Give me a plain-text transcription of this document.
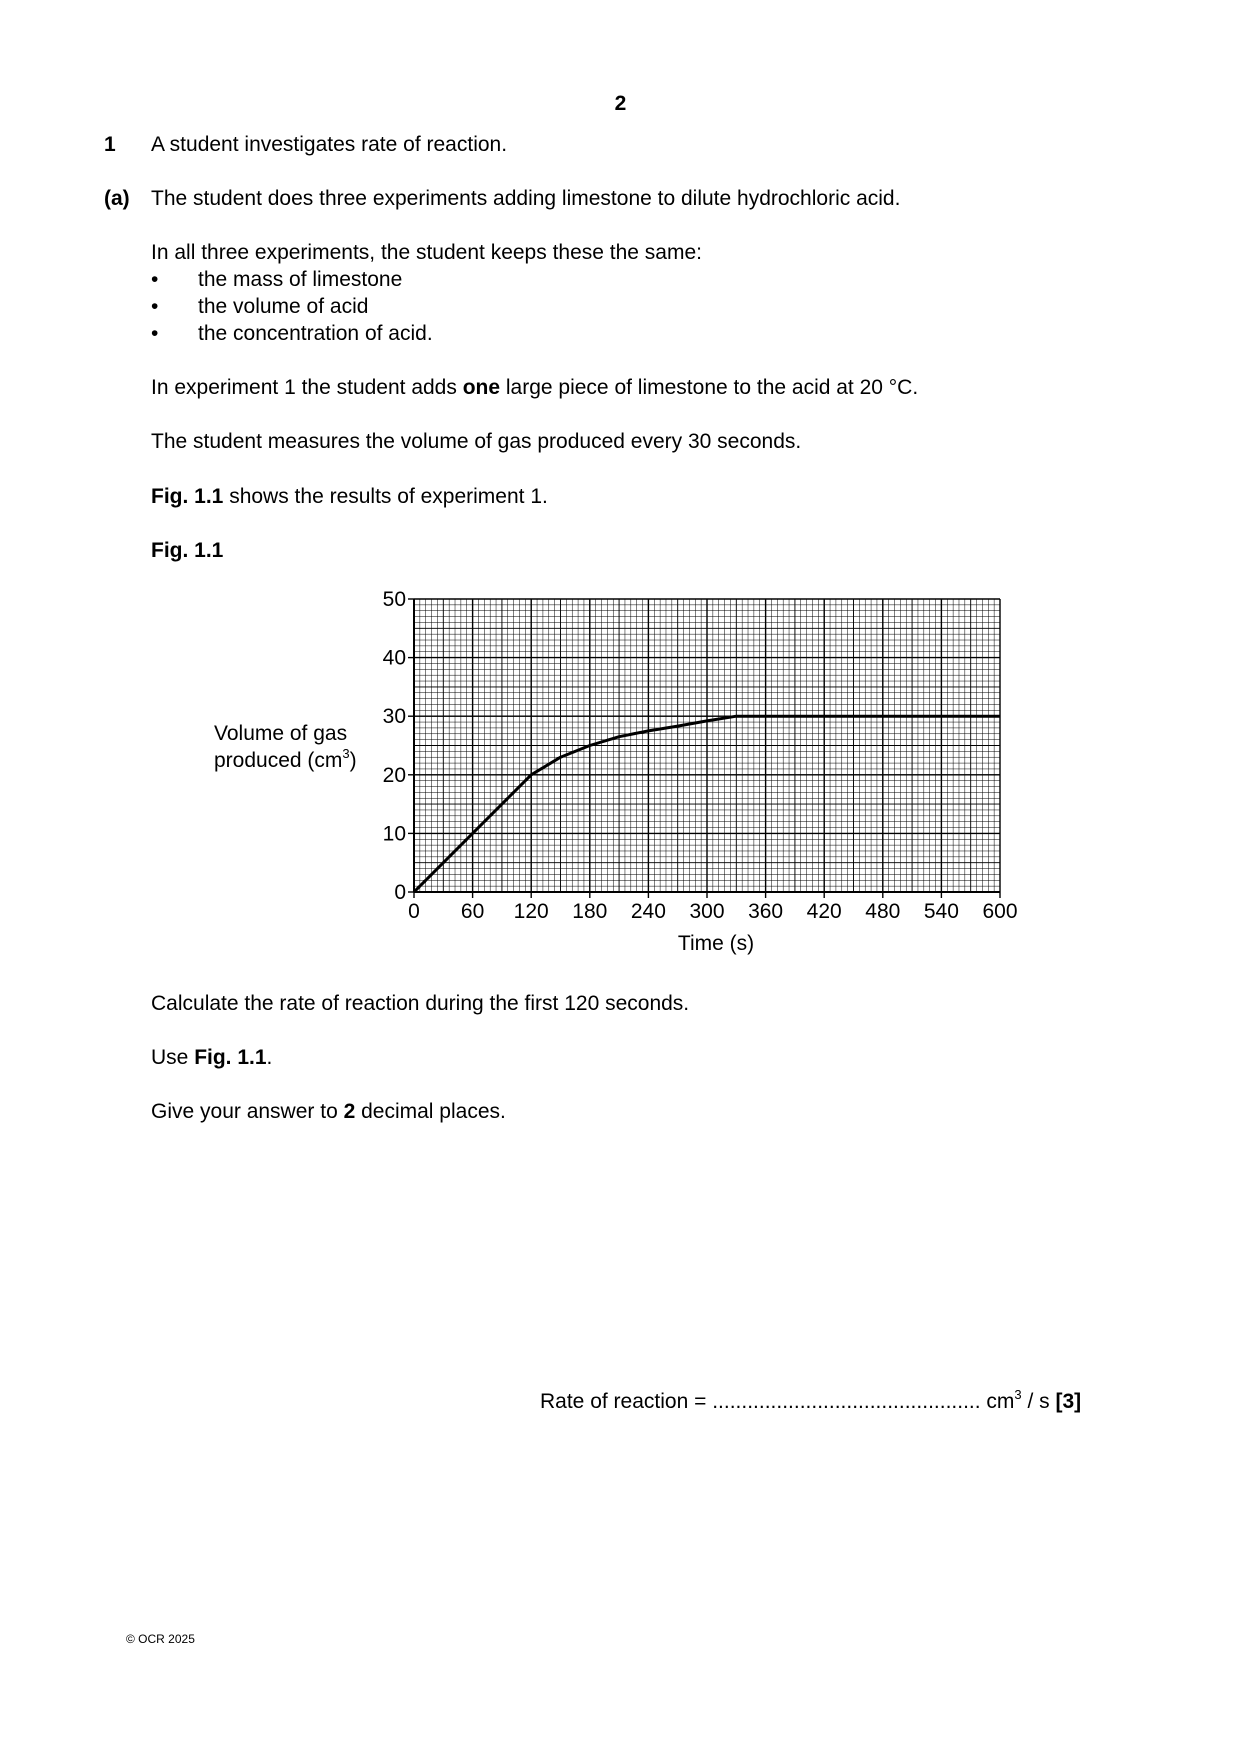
2
1 A student investigates rate of reaction.
(a) The student does three experiments adding limestone to dilute hydrochloric acid.
In all three experiments, the student keeps these the same:
• the mass of limestone
• the volume of acid
• the concentration of acid.
In experiment 1 the student adds one large piece of limestone to the acid at 20 °C.
The student measures the volume of gas produced every 30 seconds.
Fig. 1.1 shows the results of experiment 1.
Fig. 1.1
Volume of gas
produced $(cm^3)$
0 60 120 180 240 300 360 420 480 540 600
0
10
20
30
40
50
Time (s)
Calculate the rate of reaction during the first 120 seconds.
Use Fig. 1.1.
Give your answer to 2 decimal places.
Rate of reaction = .............................................. $cm^3$ / s [3]
© OCR 2025
